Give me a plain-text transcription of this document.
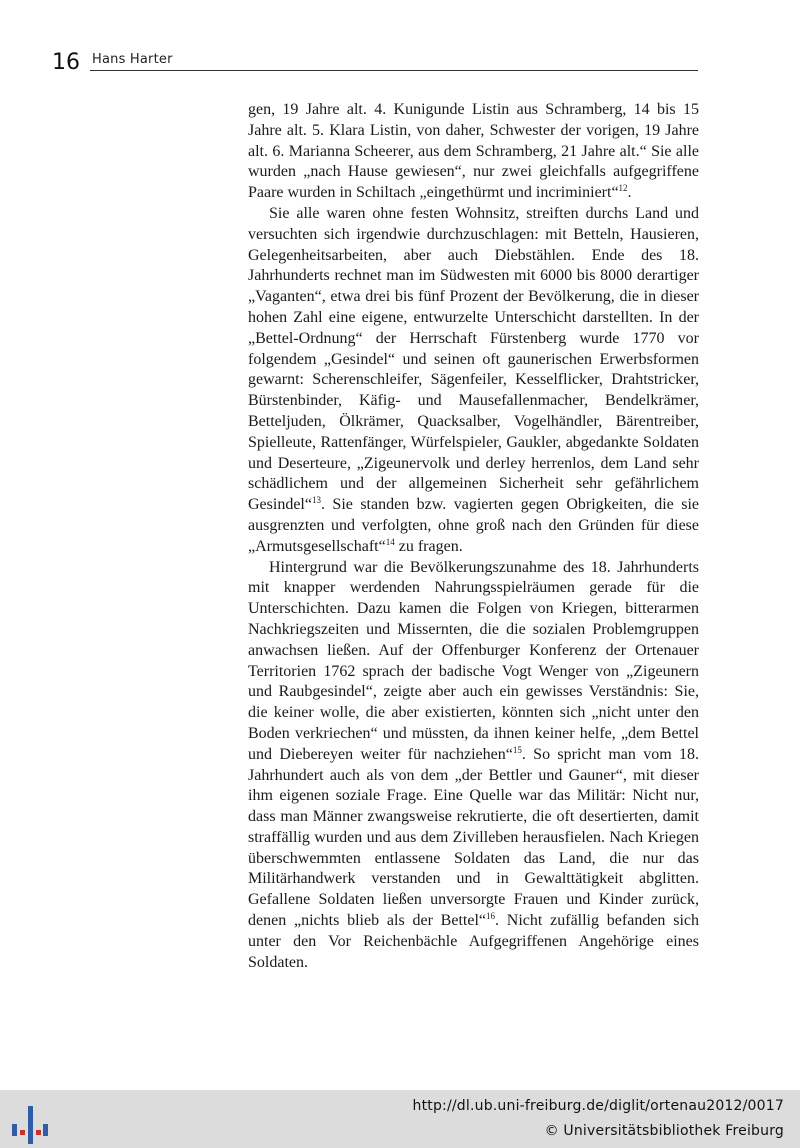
16 Hans Harter

gen, 19 Jahre alt. 4. Kunigunde Listin aus Schramberg, 14 bis 15 Jahre alt. 5. Klara Listin, von daher, Schwester der vorigen, 19 Jahre alt. 6. Marianna Scheerer, aus dem Schramberg, 21 Jahre alt.“ Sie alle wurden „nach Hause gewiesen“, nur zwei gleichfalls aufgegriffene Paare wurden in Schiltach „eingethürmt und incriminiert“$^{12}$.

Sie alle waren ohne festen Wohnsitz, streiften durchs Land und versuchten sich irgendwie durchzuschlagen: mit Betteln, Hausieren, Gelegenheitsarbeiten, aber auch Diebstählen. Ende des 18. Jahrhunderts rechnet man im Südwesten mit 6000 bis 8000 derartiger „Vaganten“, etwa drei bis fünf Prozent der Bevölkerung, die in dieser hohen Zahl eine eigene, entwurzelte Unterschicht darstellten. In der „Bettel-Ordnung“ der Herrschaft Fürstenberg wurde 1770 vor folgendem „Gesindel“ und seinen oft gaunerischen Erwerbsformen gewarnt: Scherenschleifer, Sägenfeiler, Kesselflicker, Drahtstricker, Bürstenbinder, Käfig- und Mausefallenmacher, Bendelkrämer, Betteljuden, Ölkrämer, Quacksalber, Vogelhändler, Bärentreiber, Spielleute, Rattenfänger, Würfelspieler, Gaukler, abgedankte Soldaten und Deserteure, „Zigeunervolk und derley herrenlos, dem Land sehr schädlichem und der allgemeinen Sicherheit sehr gefährlichem Gesindel“$^{13}$. Sie standen bzw. vagierten gegen Obrigkeiten, die sie ausgrenzten und verfolgten, ohne groß nach den Gründen für diese „Armutsgesellschaft“$^{14}$ zu fragen.

Hintergrund war die Bevölkerungszunahme des 18. Jahrhunderts mit knapper werdenden Nahrungsspielräumen gerade für die Unterschichten. Dazu kamen die Folgen von Kriegen, bitterarmen Nachkriegszeiten und Missernten, die die sozialen Problemgruppen anwachsen ließen. Auf der Offenburger Konferenz der Ortenauer Territorien 1762 sprach der badische Vogt Wenger von „Zigeunern und Raubgesindel“, zeigte aber auch ein gewisses Verständnis: Sie, die keiner wolle, die aber existierten, könnten sich „nicht unter den Boden verkriechen“ und müssten, da ihnen keiner helfe, „dem Bettel und Diebereyen weiter für nachziehen“$^{15}$. So spricht man vom 18. Jahrhundert auch als von dem „der Bettler und Gauner“, mit dieser ihm eigenen soziale Frage. Eine Quelle war das Militär: Nicht nur, dass man Männer zwangsweise rekrutierte, die oft desertierten, damit straffällig wurden und aus dem Zivilleben herausfielen. Nach Kriegen überschwemmten entlassene Soldaten das Land, die nur das Militärhandwerk verstanden und in Gewalttätigkeit abglitten. Gefallene Soldaten ließen unversorgte Frauen und Kinder zurück, denen „nichts blieb als der Bettel“$^{16}$. Nicht zufällig befanden sich unter den Vor Reichenbächle Aufgegriffenen Angehörige eines Soldaten.

http://dl.ub.uni-freiburg.de/diglit/ortenau2012/0017
© Universitätsbibliothek Freiburg
